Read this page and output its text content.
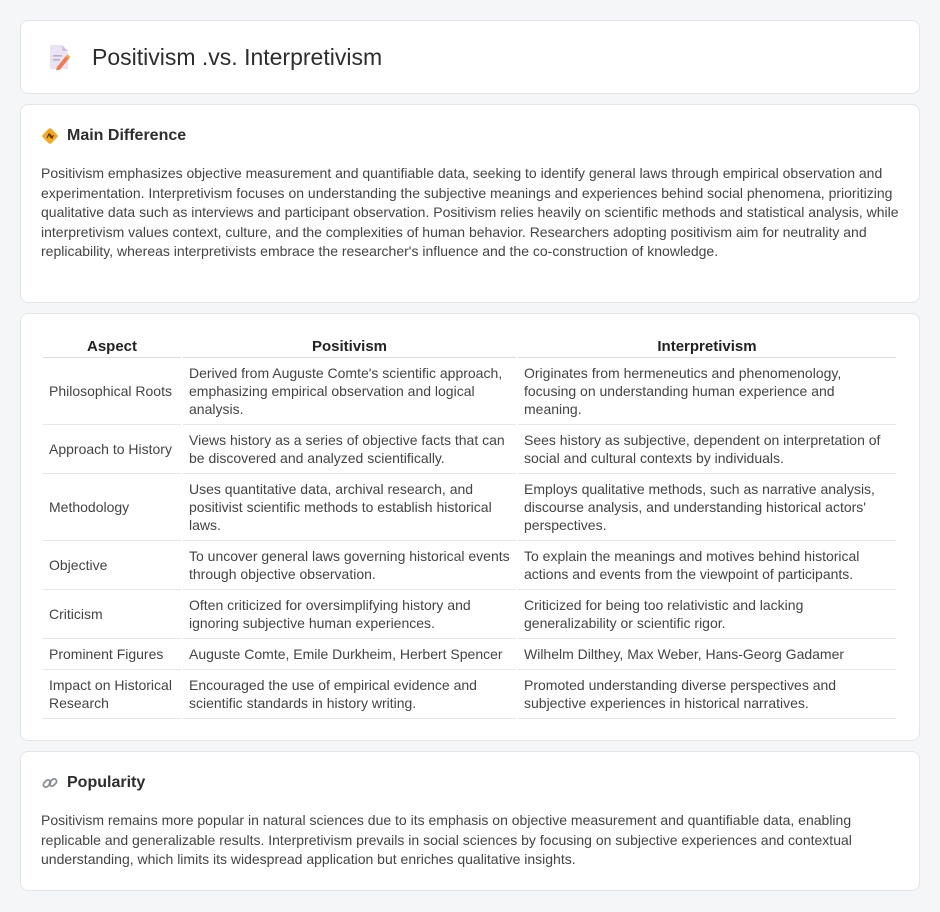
Positivism .vs. Interpretivism
Main Difference

Positivism emphasizes objective measurement and quantifiable data, seeking to identify general laws through empirical observation and experimentation. Interpretivism focuses on understanding the subjective meanings and experiences behind social phenomena, prioritizing qualitative data such as interviews and participant observation. Positivism relies heavily on scientific methods and statistical analysis, while interpretivism values context, culture, and the complexities of human behavior. Researchers adopting positivism aim for neutrality and replicability, whereas interpretivists embrace the researcher's influence and the co-construction of knowledge.

Aspect	Positivism	Interpretivism
Philosophical Roots	Derived from Auguste Comte's scientific approach, emphasizing empirical observation and logical analysis.	Originates from hermeneutics and phenomenology, focusing on understanding human experience and meaning.
Approach to History	Views history as a series of objective facts that can be discovered and analyzed scientifically.	Sees history as subjective, dependent on interpretation of social and cultural contexts by individuals.
Methodology	Uses quantitative data, archival research, and positivist scientific methods to establish historical laws.	Employs qualitative methods, such as narrative analysis, discourse analysis, and understanding historical actors' perspectives.
Objective	To uncover general laws governing historical events through objective observation.	To explain the meanings and motives behind historical actions and events from the viewpoint of participants.
Criticism	Often criticized for oversimplifying history and ignoring subjective human experiences.	Criticized for being too relativistic and lacking generalizability or scientific rigor.
Prominent Figures	Auguste Comte, Emile Durkheim, Herbert Spencer	Wilhelm Dilthey, Max Weber, Hans-Georg Gadamer
Impact on Historical Research	Encouraged the use of empirical evidence and scientific standards in history writing.	Promoted understanding diverse perspectives and subjective experiences in historical narratives.
Popularity

Positivism remains more popular in natural sciences due to its emphasis on objective measurement and quantifiable data, enabling replicable and generalizable results. Interpretivism prevails in social sciences by focusing on subjective experiences and contextual understanding, which limits its widespread application but enriches qualitative insights.
